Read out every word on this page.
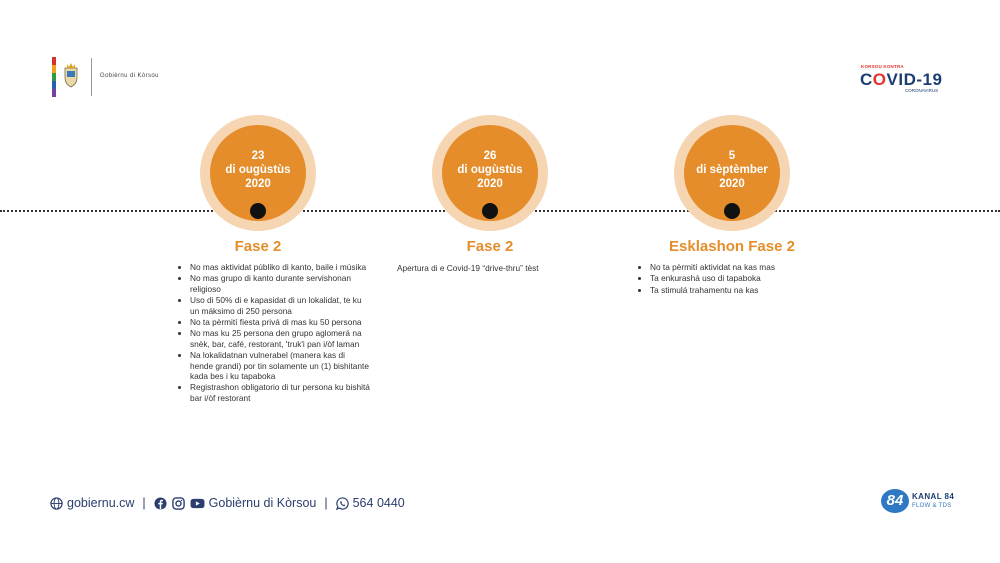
Gobièrnu di Kòrsou
KORSOU KONTRA
COVID-19
CORONAVIRUS
23
di ougùstùs
2020
26
di ougùstùs
2020
5
di sèptèmber
2020
Fase 2
• No mas aktividat públiko di kanto, baile i músika
• No mas grupo di kanto durante servishonan religioso
• Uso di 50% di e kapasidat di un lokalidat, te ku un máksimo di 250 persona
• No ta pèrmití fiesta privá di mas ku 50 persona
• No mas ku 25 persona den grupo aglomerá na snèk, bar, café, restorant, 'truk'i pan i/òf laman
• Na lokalidatnan vulnerabel (manera kas di hende grandi) por tin solamente un (1) bishitante kada bes i ku tapaboka
• Registrashon obligatorio di tur persona ku bishitá bar i/òf restorant
Fase 2
Apertura di e Covid-19 “drive-thru” tèst
Esklashon Fase 2
• No ta pèrmití aktividat na kas mas
• Ta enkurashá uso di tapaboka
• Ta stimulá trahamentu na kas
gobiernu.cw |	Gobièrnu di Kòrsou | 564 0440	84	KANAL 84
FLOW & TDS
